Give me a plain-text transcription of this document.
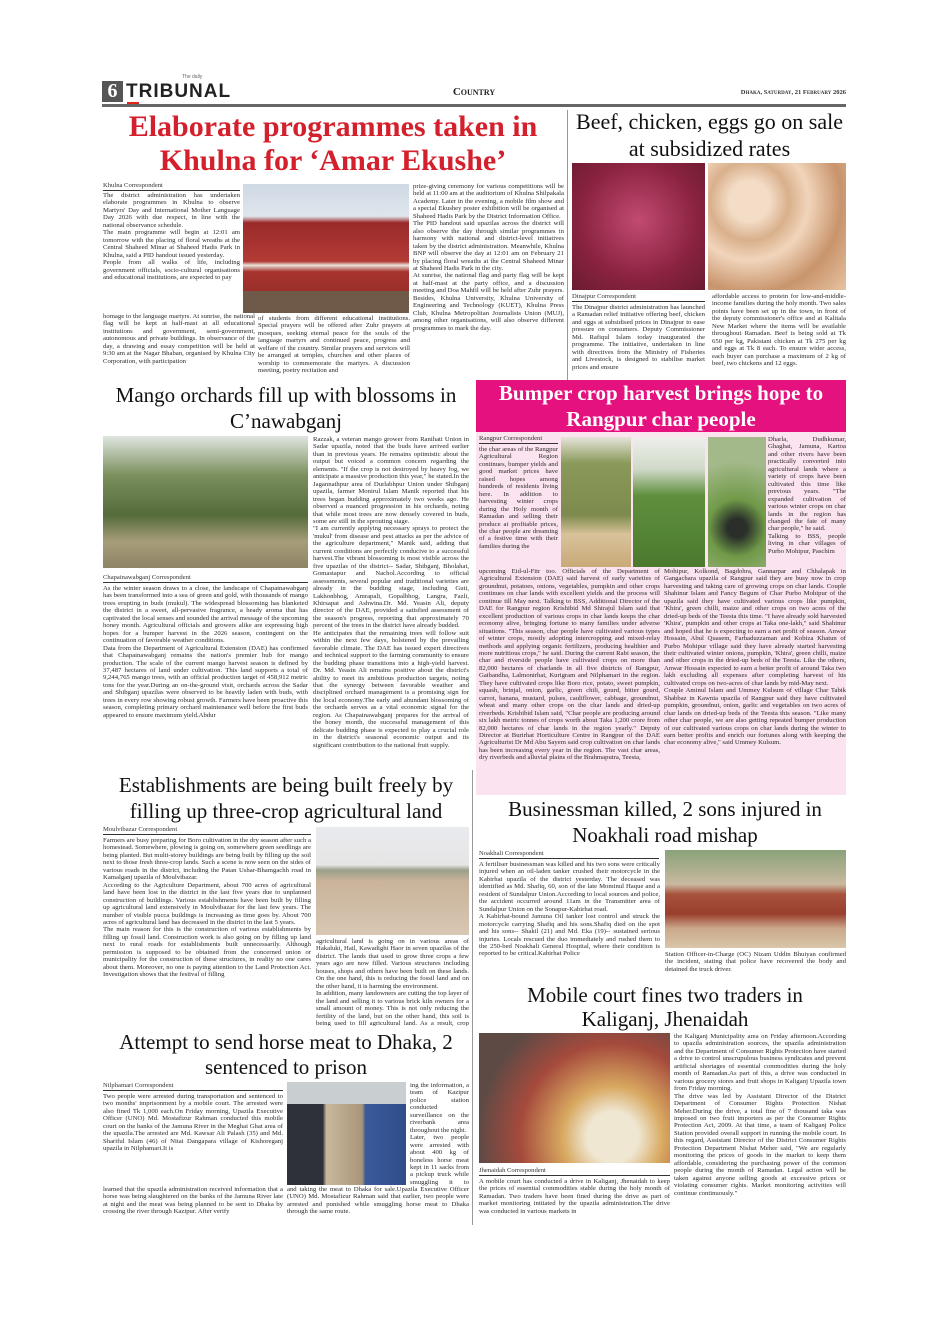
6
The daily
TRIBUNAL	Country	Dhaka, Saturday, 21 February 2026
Elaborate programmes taken in Khulna for ‘Amar Ekushe’
Khulna Correspondent
The district administration has undertaken elaborate programmes in Khulna to observe Martyrs' Day and International Mother Language Day 2026 with due respect, in line with the national observance schedule.
The main programme will begin at 12:01 am tomorrow with the placing of floral wreaths at the Central Shaheed Minar at Shaheed Hadis Park in Khulna, said a PID handout issued yesterday.
People from all walks of life, including government officials, socio-cultural organisations and educational institutions, are expected to pay
homage to the language martyrs. At sunrise, the national flag will be kept at half-mast at all educational institutions and government, semi-government, autonomous and private buildings. In observance of the day, a drawing and essay competition will be held at 9:30 am at the Nagar Bhaban, organised by Khulna City Corporation, with participation
of students from different educational institutions. Special prayers will be offered after Zuhr prayers at mosques, seeking eternal peace for the souls of the language martyrs and continued peace, progress and welfare of the country. Similar prayers and services will be arranged at temples, churches and other places of worship to commemorate the martyrs. A discussion meeting, poetry recitation and
prize-giving ceremony for various competitions will be held at 11:00 am at the auditorium of Khulna Shilpakala Academy. Later in the evening, a mobile film show and a special Ekushey poster exhibition will be organised at Shaheed Hadis Park by the District Information Office.
The PID handout said upazilas across the district will also observe the day through similar programmes in harmony with national and district-level initiatives taken by the district administration. Meanwhile, Khulna BNP will observe the day at 12:01 am on February 21 by placing floral wreaths at the Central Shaheed Minar at Shaheed Hadis Park in the city.
At sunrise, the national flag and party flag will be kept at half-mast at the party office, and a discussion meeting and Doa Mahfil will be held after Zuhr prayers. Besides, Khulna University, Khulna University of Engineering and Technology (KUET), Khulna Press Club, Khulna Metropolitan Journalists Union (MUJ), among other organisations, will also observe different programmes to mark the day.
Beef, chicken, eggs go on sale at subsidized rates
Dinajpur Correspondent
The Dinajpur district administration has launched a Ramadan relief initiative offering beef, chicken and eggs at subsidised prices in Dinajpur to ease pressure on consumers. Deputy Commissioner Md. Rafiqul Islam today inaugurated the programme. The initiative, undertaken in line with directives from the Ministry of Fisheries and Livestock, is designed to stabilise market prices and ensure
affordable access to protein for low-and-middle-income families during the holy month. Two sales points have been set up in the town, in front of the deputy commissioner's office and at Kalitala New Market where the items will be available throughout Ramadan. Beef is being sold at Tk 650 per kg, Pakistani chicken at Tk 275 per kg and eggs at Tk 8 each. To ensure wider access, each buyer can purchase a maximum of 2 kg of beef, two chickens and 12 eggs.
Mango orchards fill up with blossoms in C’nawabganj
Chapainawabganj Correspondent
As the winter season draws to a close, the landscape of Chapainawabganj has been transformed into a sea of green and gold, with thousands of mango trees erupting in buds (mukul). The widespread blossoming has blanketed the district in a sweet, all-pervasive fragrance, a heady aroma that has captivated the local senses and sounded the arrival message of the upcoming honey month. Agricultural officials and growers alike are expressing high hopes for a bumper harvest in the 2026 season, contingent on the continuation of favorable weather conditions.
Data from the Department of Agricultural Extension (DAE) has confirmed that Chapainawabganj remains the nation's premier hub for mango production. The scale of the current mango harvest season is defined by 37,487 hectares of land under cultivation. This land supports a total of 9,244,765 mango trees, with an official production target of 458,912 metric tons for the year.During an on-the-ground visit, orchards across the Sadar and Shibganj upazilas were observed to be heavily laden with buds, with trees in every row showing robust growth. Farmers have been proactive this season, completing primary orchard maintenance well before the first buds appeared to ensure maximum yield.Abdur
Razzak, a veteran mango grower from Ranihati Union in Sadar upazila, noted that the buds have arrived earlier than in previous years. He remains optimistic about the output but voiced a common concern regarding the elements. "If the crop is not destroyed by heavy fog, we anticipate a massive production this year," he stated.In the Jagannathpur area of Durlabhpur Union under Shibganj upazila, farmer Monirul Islam Manik reported that his trees began budding approximately two weeks ago. He observed a nuanced progression in his orchards, noting that while most trees are now densely covered in buds, some are still in the sprouting stage.
"I am currently applying necessary sprays to protect the 'mukul' from disease and pest attacks as per the advice of the agriculture department," Manik said, adding that current conditions are perfectly conducive to a successful harvest.The vibrant blossoming is most visible across the five upazilas of the district-- Sadar, Shibganj, Bholahat, Gomastapur and Nachol.According to official assessments, several popular and traditional varieties are already in the budding stage, including Guti, Lakhonbhog, Amrapali, Gopalbhog, Langra, Fazli, Khirsapat and Ashwina.Dr. Md. Yeasin Ali, deputy director of the DAE, provided a satisfied assessment of the season's progress, reporting that approximately 70 percent of the trees in the district have already budded.
He anticipates that the remaining trees will follow suit within the next few days, bolstered by the prevailing favorable climate. The DAE has issued expert directives and technical support to the farming community to ensure the budding phase transitions into a high-yield harvest. Dr. Md. Yeasin Ali remains positive about the district's ability to meet its ambitious production targets, noting that the synergy between favorable weather and disciplined orchard management is a promising sign for the local economy.The early and abundant blossoming of the orchards serves as a vital economic signal for the region. As Chapainawabganj prepares for the arrival of the honey month, the successful management of this delicate budding phase is expected to play a crucial role in the district's seasonal economic output and its significant contribution to the national fruit supply.
Bumper crop harvest brings hope to Rangpur char people
Rangpur Correspondent
the char areas of the Rangpur Agricultural Region continues, bumper yields and good market prices have raised hopes among hundreds of residents living here. In addition to harvesting winter crops during the Holy month of Ramadan and selling their produce at profitable prices, the char people are dreaming of a festive time with their families during the
Dharla, Dudhkumar, Ghaghat, Jamuna, Kartoa and other rivers have been practically converted into agricultural lands where a variety of crops have been cultivated this time like previous years. "The expanded cultivation of various winter crops on char lands in the region has changed the fate of many char people," he said.
Talking to BSS, people living in char villages of Purbo Mohipur, Paschim
upcoming Eid-ul-Fitr too. Officials of the Department of Agricultural Extension (DAE) said harvest of early varieties of groundnut, potatoes, onions, vegetables, pumpkin and other crops continues on char lands with excellent yields and the process will continue till May next. Talking to BSS, Additional Director of the DAE for Rangpur region Krishibid Md Shirajul Islam said that excellent production of various crops in char lands keeps the char economy alive, bringing fortune to many families under adverse situations. "This season, char people have cultivated various types of winter crops, mostly adopting intercropping and mixed-relay methods and applying organic fertilizers, producing healthier and more nutritious crops," he said. During the current Rabi season, the char and riverside people have cultivated crops on more than 82,000 hectares of charlands in all five districts of Rangpur, Gaibandha, Lalmonirhat, Kurigram and Nilphamari in the region. They have cultivated crops like Boro rice, potato, sweet pumpkin, squash, brinjal, onion, garlic, green chili, gourd, bitter gourd, carrot, banana, mustard, pulses, cauliflower, cabbage, groundnut, wheat and many other crops on the char lands and dried-up riverbeds. Krishibid Islam said, "Char people are producing around six lakh metric tonnes of crops worth about Taka 1,200 crore from 82,000 hectares of char lands in the region yearly." Deputy Director at Burirhat Horticulture Centre in Rangpur of the DAE Agriculturist Dr Md Abu Sayem said crop cultivation on char lands has been increasing every year in the region. The vast char areas, dry riverbeds and alluvial plains of the Brahmaputra, Teesta,
Mohipur, Kolkond, Bagdohra, Gannarpar and Chhalapak in Gangachara upazila of Rangpur said they are busy now in crop harvesting and taking care of growing crops on char lands. Couple Shahinur Islam and Fancy Begum of Char Purbo Mohipur of the upazila said they have cultivated various crops like pumpkin, 'Khira', green chilli, maize and other crops on two acres of the dried-up beds of the Teesta this time. "I have already sold harvested 'Khira', pumpkin and other crops at Taka one-lakh," said Shahinur and hoped that he is expecting to earn a net profit of season. Anwar Hossain, Abul Quasem, Farhaduzzaman and Kobiza Khatun of Purbo Mohipur village said they have already started harvesting their cultivated winter onions, pumpkin, 'Khira', green chilli, maize and other crops in the dried-up beds of the Teesta. Like the others, Anwar Hossain expected to earn a better profit of around Taka two lakh excluding all expenses after completing harvest of his cultivated crops on two-acres of char lands by mid-May next.
Couple Aminul Islam and Ummey Kulsum of village Char Tabik Shabbaz in Kawnia upazila of Rangpur said they have cultivated pumpkin, groundnut, onion, garlic and vegetables on two acres of char lands on dried-up beds of the Teesta this season. "Like many other char people, we are also getting repeated bumper production of our cultivated various crops on char lands during the winter to earn better profits and enrich our fortunes along with keeping the char economy alive," said Ummey Kulsum.
Establishments are being built freely by filling up three-crop agricultural land
Moulvibazar Correspondent
Farmers are busy preparing for Boro cultivation in the dry season after such a homestead. Somewhere, plowing is going on, somewhere green seedlings are being planted. But multi-storey buildings are being built by filling up the soil next to those fresh three-crop lands. Such a scene is now seen on the sides of various roads in the district, including the Patan Ushar-Bhamgachh road in Kamalganj upazila of Moulvibazar.
According to the Agriculture Department, about 700 acres of agricultural land have been lost in the district in the last five years due to unplanned construction of buildings. Various establishments have been built by filling up agricultural land extensively in Moulvibazar for the last few years. The number of visible pucca buildings is increasing as time goes by. About 700 acres of agricultural land has decreased in the district in the last 5 years.
The main reason for this is the construction of various establishments by filling up fossil land. Construction work is also going on by filling up land next to rural roads for establishments built unnecessarily. Although permission is supposed to be obtained from the concerned union or municipality for the construction of these structures, in reality no one cares about them. Moreover, no one is paying attention to the Land Protection Act. Investigation shows that the festival of filling
agricultural land is going on in various areas of Hakaluki, Hail, Kawadighi Haor in seven upazilas of the district. The lands that used to grow three crops a few years ago are now filled. Various structures including houses, shops and others have been built on these lands. On the one hand, this is reducing the fossil land and on the other hand, it is harming the environment.
In addition, many landowners are cutting the top layer of the land and selling it to various brick kiln owners for a small amount of money. This is not only reducing the fertility of the land, but on the other hand, this soil is being used to fill agricultural land. As a result, crop
Businessman killed, 2 sons injured in Noakhali road mishap
Noakhali Correspondent
A fertiliser businessman was killed and his two sons were critically injured when an oil-laden tanker crushed their motorcycle in the Kabirhat upazila of the district yesterday. The deceased was identified as Md. Shafiq, 60, son of the late Mominul Haque and a resident of Sundalpur Union.According to local sources and police, the accident occurred around 11am in the Transmitter area of Sundalpur Union on the Sonapur-Kabirhat road.
A Kabirhat-bound Jamuna Oil tanker lost control and struck the motorcycle carrying Shafiq and his sons.Shafiq died on the spot and his sons-- Shakil (21) and Md. Eka (19)-- sustained serious injuries. Locals rescued the duo immediately and rushed them to the 250-bed Noakhali General Hospital, where their condition is reported to be critical.Kabirhat Police	Station Officer-in-Charge (OC) Nizam Uddin Bhuiyan confirmed the incident, stating that police have recovered the body and detained the truck driver.
Mobile court fines two traders in Kaliganj, Jhenaidah
Jhenaidah Correspondent
A mobile court has conducted a drive in Kaliganj, Jhenaidah to keep the prices of essential commodities stable during the holy month of Ramadan. Two traders have been fined during the drive as part of market monitoring initiated by the upazila administration.The drive was conducted in various markets in
the Kaliganj Municipality area on Friday afternoon.According to upazila administration sources, the upazila administration and the Department of Consumer Rights Protection have started a drive to control unscrupulous business syndicates and prevent artificial shortages of essential commodities during the holy month of Ramadan.As part of this, a drive was conducted in various grocery stores and fruit shops in Kaliganj Upazila town from Friday morning.
The drive was led by Assistant Director of the District Department of Consumer Rights Protection Nishat Meher.During the drive, a total fine of 7 thousand taka was imposed on two fruit importers as per the Consumer Rights Protection Act, 2009. At that time, a team of Kaliganj Police Station provided overall support in running the mobile court. In this regard, Assistant Director of the District Consumer Rights Protection Department Nishat Meher said, "We are regularly monitoring the prices of goods in the market to keep them affordable, considering the purchasing power of the common people during the month of Ramadan. Legal action will be taken against anyone selling goods at excessive prices or violating consumer rights. Market monitoring activities will continue continuously."
Attempt to send horse meat to Dhaka, 2 sentenced to prison
Nilphamari Correspondent
Two people were arrested during transportation and sentenced to two months' imprisonment by a mobile court. The arrested were also fined Tk 1,000 each.On Friday morning, Upazila Executive Officer (UNO) Md. Mostafizur Rahman conducted this mobile court on the banks of the Jamuna River in the Meghai Ghat area of the upazila.The arrested are Md. Kawsar Ali Palash (35) and Md. Shariful Islam (46) of Nitai Dangapara village of Kishoreganj upazila in Nilphamari.It is
learned that the upazila administration received information that a horse was being slaughtered on the banks of the Jamuna River late at night and the meat was being planned to be sent to Dhaka by crossing the river through Kazipur. After verify
ing the information, a team of Kazipur police station conducted surveillance on the riverbank area throughout the night.
Later, two people were arrested with about 400 kg of boneless horse meat kept in 11 sacks from a pickup truck while smuggling it to
and taking the meat to Dhaka for sale.Upazila Executive Officer (UNO) Md. Mostafizur Rahman said that earlier, two people were arrested and punished while smuggling horse meat to Dhaka through the same route.
